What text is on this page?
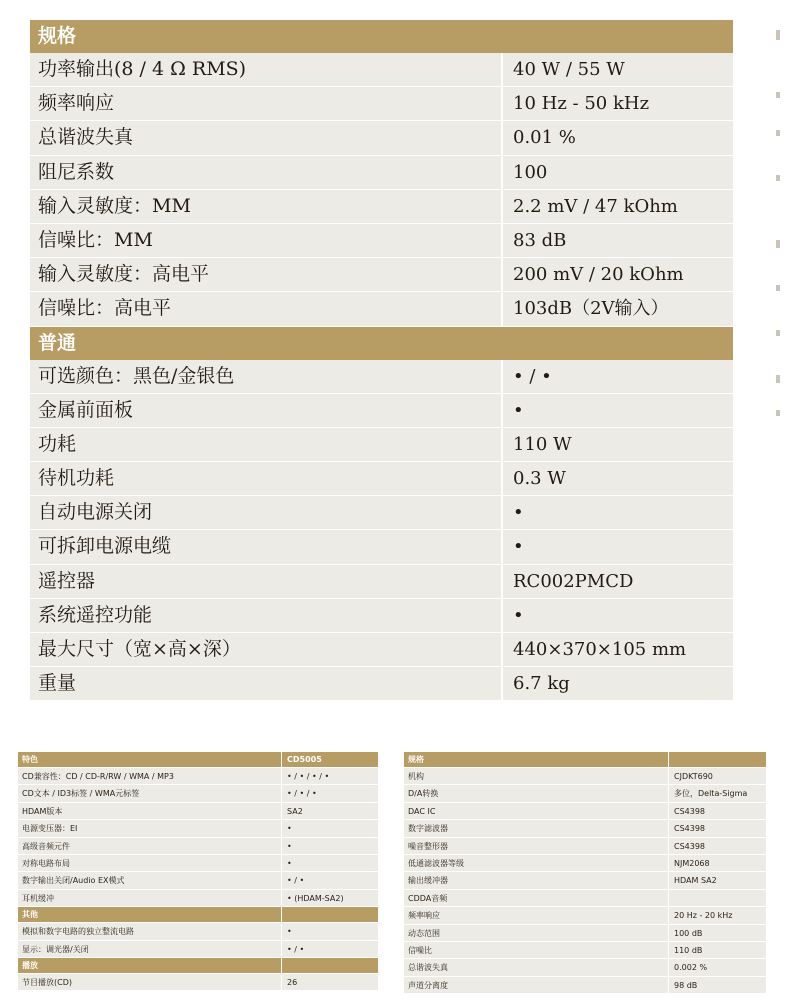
规格
功率输出(8 / 4 Ω RMS)	40 W / 55 W
频率响应	10 Hz - 50 kHz
总谐波失真	0.01 %
阻尼系数	100
输入灵敏度：MM	2.2 mV / 47 kOhm
信噪比：MM	83 dB
输入灵敏度：高电平	200 mV / 20 kOhm
信噪比：高电平	103dB（2V输入）
普通
可选颜色：黑色/金银色	• / •
金属前面板	•
功耗	110 W
待机功耗	0.3 W
自动电源关闭	•
可拆卸电源电缆	•
遥控器	RC002PMCD
系统遥控功能	•
最大尺寸（宽×高×深）	440×370×105 mm
重量	6.7 kg
特色	CD5005
CD兼容性：CD / CD-R/RW / WMA / MP3	• / • / • / •
CD文本 / ID3标签 / WMA元标签	• / • / •
HDAM版本	SA2
电源变压器：EI	•
高级音频元件	•
对称电路布局	•
数字输出关闭/Audio EX模式	• / •
耳机缓冲	• (HDAM-SA2)
其他
模拟和数字电路的独立整流电路	•
显示：调光器/关闭	• / •
播放
节目播放(CD)	26
规格
机构	CJDKT690
D/A转换	多位，Delta-Sigma
DAC IC	CS4398
数字滤波器	CS4398
噪音整形器	CS4398
低通滤波器等级	NJM2068
输出缓冲器	HDAM SA2
CDDA音频
频率响应	20 Hz - 20 kHz
动态范围	100 dB
信噪比	110 dB
总谐波失真	0.002 %
声道分离度	98 dB
